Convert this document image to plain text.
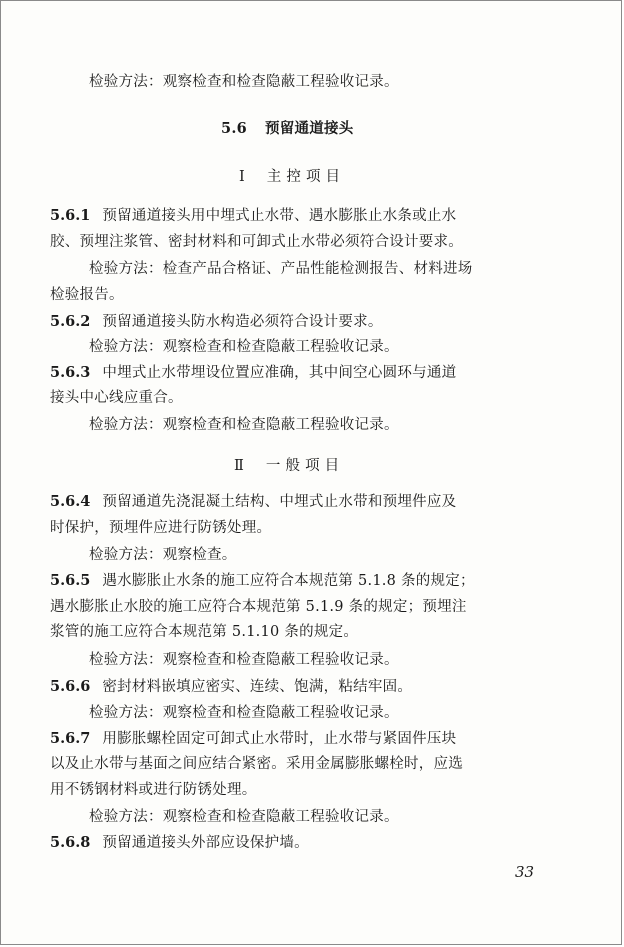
检验方法：观察检查和检查隐蔽工程验收记录。
5.6 预留通道接头
Ⅰ 主 控 项 目
5.6.1 预留通道接头用中埋式止水带、遇水膨胀止水条或止水
胶、预埋注浆管、密封材料和可卸式止水带必须符合设计要求。
检验方法：检查产品合格证、产品性能检测报告、材料进场
检验报告。
5.6.2 预留通道接头防水构造必须符合设计要求。
检验方法：观察检查和检查隐蔽工程验收记录。
5.6.3 中埋式止水带埋设位置应准确，其中间空心圆环与通道
接头中心线应重合。
检验方法：观察检查和检查隐蔽工程验收记录。
Ⅱ 一 般 项 目
5.6.4 预留通道先浇混凝土结构、中埋式止水带和预埋件应及
时保护，预埋件应进行防锈处理。
检验方法：观察检查。
5.6.5 遇水膨胀止水条的施工应符合本规范第 5.1.8 条的规定；
遇水膨胀止水胶的施工应符合本规范第 5.1.9 条的规定；预埋注
浆管的施工应符合本规范第 5.1.10 条的规定。
检验方法：观察检查和检查隐蔽工程验收记录。
5.6.6 密封材料嵌填应密实、连续、饱满，粘结牢固。
检验方法：观察检查和检查隐蔽工程验收记录。
5.6.7 用膨胀螺栓固定可卸式止水带时，止水带与紧固件压块
以及止水带与基面之间应结合紧密。采用金属膨胀螺栓时，应选
用不锈钢材料或进行防锈处理。
检验方法：观察检查和检查隐蔽工程验收记录。
5.6.8 预留通道接头外部应设保护墙。
33
